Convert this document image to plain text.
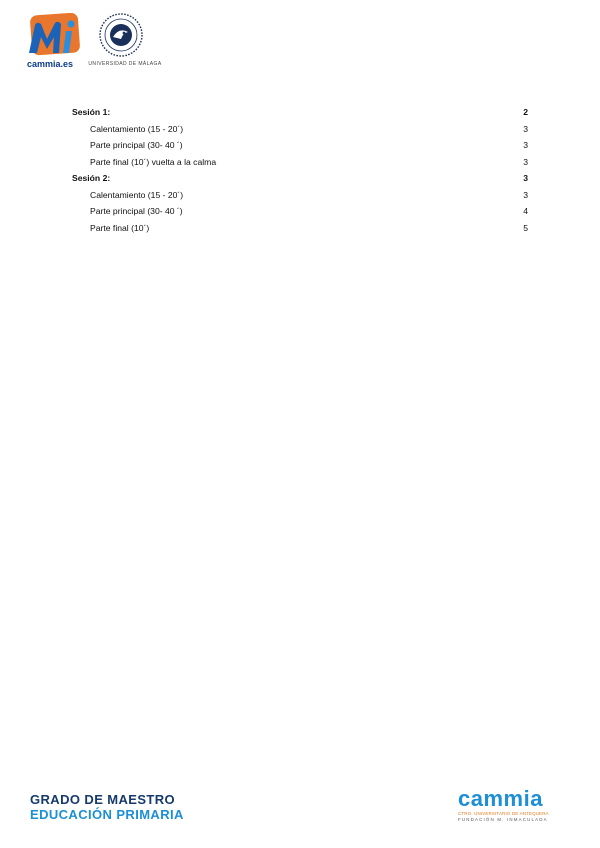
cammia.es	UNIVERSIDAD DE MÁLAGA
Sesión 1:	2
Calentamiento (15 - 20´)	3
Parte principal (30- 40 ´)	3
Parte final (10´) vuelta a la calma	3
Sesión 2:	3
Calentamiento (15 - 20´)	3
Parte principal (30- 40 ´)	4
Parte final (10´)	5
GRADO DE MAESTRO
EDUCACIÓN PRIMARIA
cammia
CTRO. UNIVERSITARIO DE ANTEQUERA
FUNDACIÓN M. INMACULADA
